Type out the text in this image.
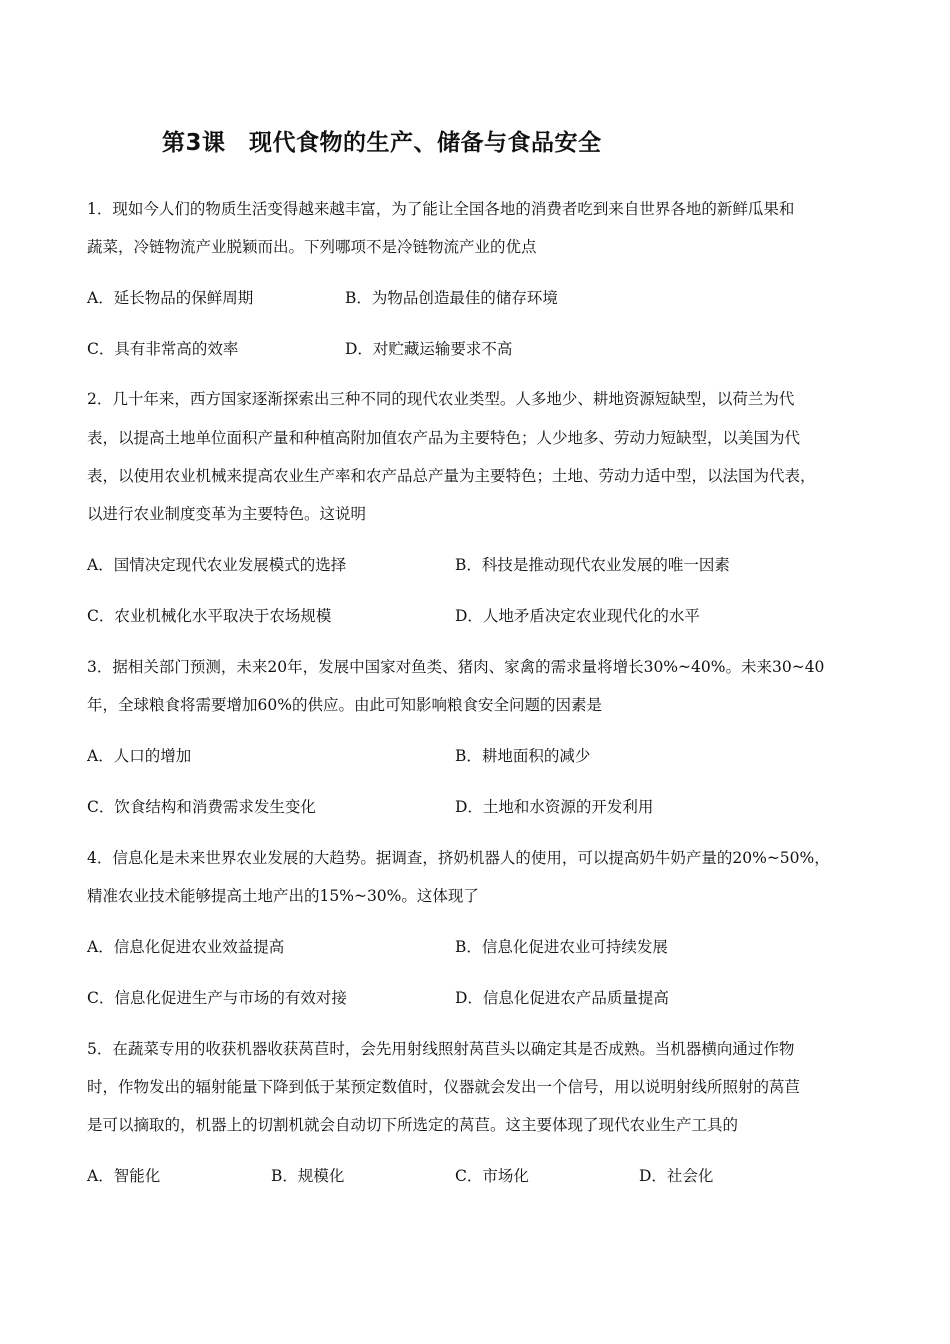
第3课　现代食物的生产、储备与食品安全
1．现如今人们的物质生活变得越来越丰富，为了能让全国各地的消费者吃到来自世界各地的新鲜瓜果和
蔬菜，冷链物流产业脱颖而出。下列哪项不是冷链物流产业的优点
A．延长物品的保鲜周期	B．为物品创造最佳的储存环境
C．具有非常高的效率	D．对贮藏运输要求不高
2．几十年来，西方国家逐渐探索出三种不同的现代农业类型。人多地少、耕地资源短缺型，以荷兰为代
表，以提高土地单位面积产量和种植高附加值农产品为主要特色；人少地多、劳动力短缺型，以美国为代
表，以使用农业机械来提高农业生产率和农产品总产量为主要特色；土地、劳动力适中型，以法国为代表，
以进行农业制度变革为主要特色。这说明
A．国情决定现代农业发展模式的选择	B．科技是推动现代农业发展的唯一因素
C．农业机械化水平取决于农场规模	D．人地矛盾决定农业现代化的水平
3．据相关部门预测，未来20年，发展中国家对鱼类、猪肉、家禽的需求量将增长30%~40%。未来30~40
年，全球粮食将需要增加60%的供应。由此可知影响粮食安全问题的因素是
A．人口的增加	B．耕地面积的减少
C．饮食结构和消费需求发生变化	D．土地和水资源的开发利用
4．信息化是未来世界农业发展的大趋势。据调查，挤奶机器人的使用，可以提高奶牛奶产量的20%~50%，
精准农业技术能够提高土地产出的15%~30%。这体现了
A．信息化促进农业效益提高	B．信息化促进农业可持续发展
C．信息化促进生产与市场的有效对接	D．信息化促进农产品质量提高
5．在蔬菜专用的收获机器收获莴苣时，会先用射线照射莴苣头以确定其是否成熟。当机器横向通过作物
时，作物发出的辐射能量下降到低于某预定数值时，仪器就会发出一个信号，用以说明射线所照射的莴苣
是可以摘取的，机器上的切割机就会自动切下所选定的莴苣。这主要体现了现代农业生产工具的
A．智能化	B．规模化	C．市场化	D．社会化
